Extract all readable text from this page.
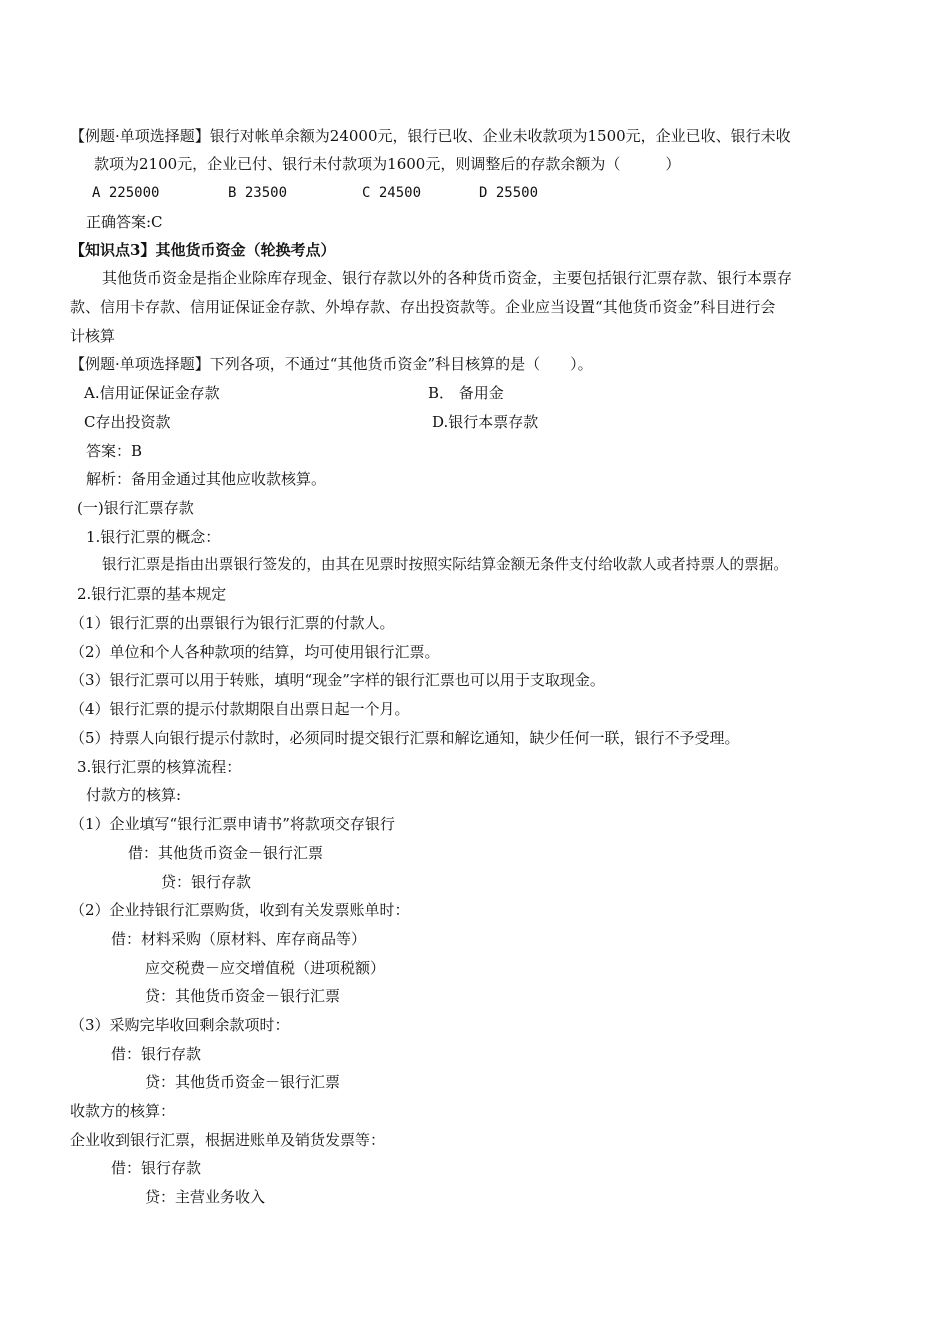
【例题·单项选择题】银行对帐单余额为24000元，银行已收、企业未收款项为1500元，企业已收、银行未收
款项为2100元，企业已付、银行未付款项为1600元，则调整后的存款余额为（　　　）
A 225000	B 23500	C 24500	D 25500
正确答案:C
【知识点3】其他货币资金（轮换考点）
其他货币资金是指企业除库存现金、银行存款以外的各种货币资金，主要包括银行汇票存款、银行本票存
款、信用卡存款、信用证保证金存款、外埠存款、存出投资款等。企业应当设置“其他货币资金”科目进行会
计核算
【例题·单项选择题】下列各项，不通过“其他货币资金”科目核算的是（　　）。
A.信用证保证金存款	B． 备用金
C存出投资款	D.银行本票存款
答案：B
解析：备用金通过其他应收款核算。
(一)银行汇票存款
1.银行汇票的概念：
银行汇票是指由出票银行签发的，由其在见票时按照实际结算金额无条件支付给收款人或者持票人的票据。
2.银行汇票的基本规定
（1）银行汇票的出票银行为银行汇票的付款人。
（2）单位和个人各种款项的结算，均可使用银行汇票。
（3）银行汇票可以用于转账，填明“现金”字样的银行汇票也可以用于支取现金。
（4）银行汇票的提示付款期限自出票日起一个月。
（5）持票人向银行提示付款时，必须同时提交银行汇票和解讫通知，缺少任何一联，银行不予受理。
3.银行汇票的核算流程：
付款方的核算:
（1）企业填写“银行汇票申请书”将款项交存银行
借：其他货币资金－银行汇票
贷：银行存款
（2）企业持银行汇票购货，收到有关发票账单时：
借：材料采购（原材料、库存商品等）
应交税费－应交增值税（进项税额）
贷：其他货币资金－银行汇票
（3）采购完毕收回剩余款项时：
借：银行存款
贷：其他货币资金－银行汇票
收款方的核算：
企业收到银行汇票，根据进账单及销货发票等：
借：银行存款
贷：主营业务收入
